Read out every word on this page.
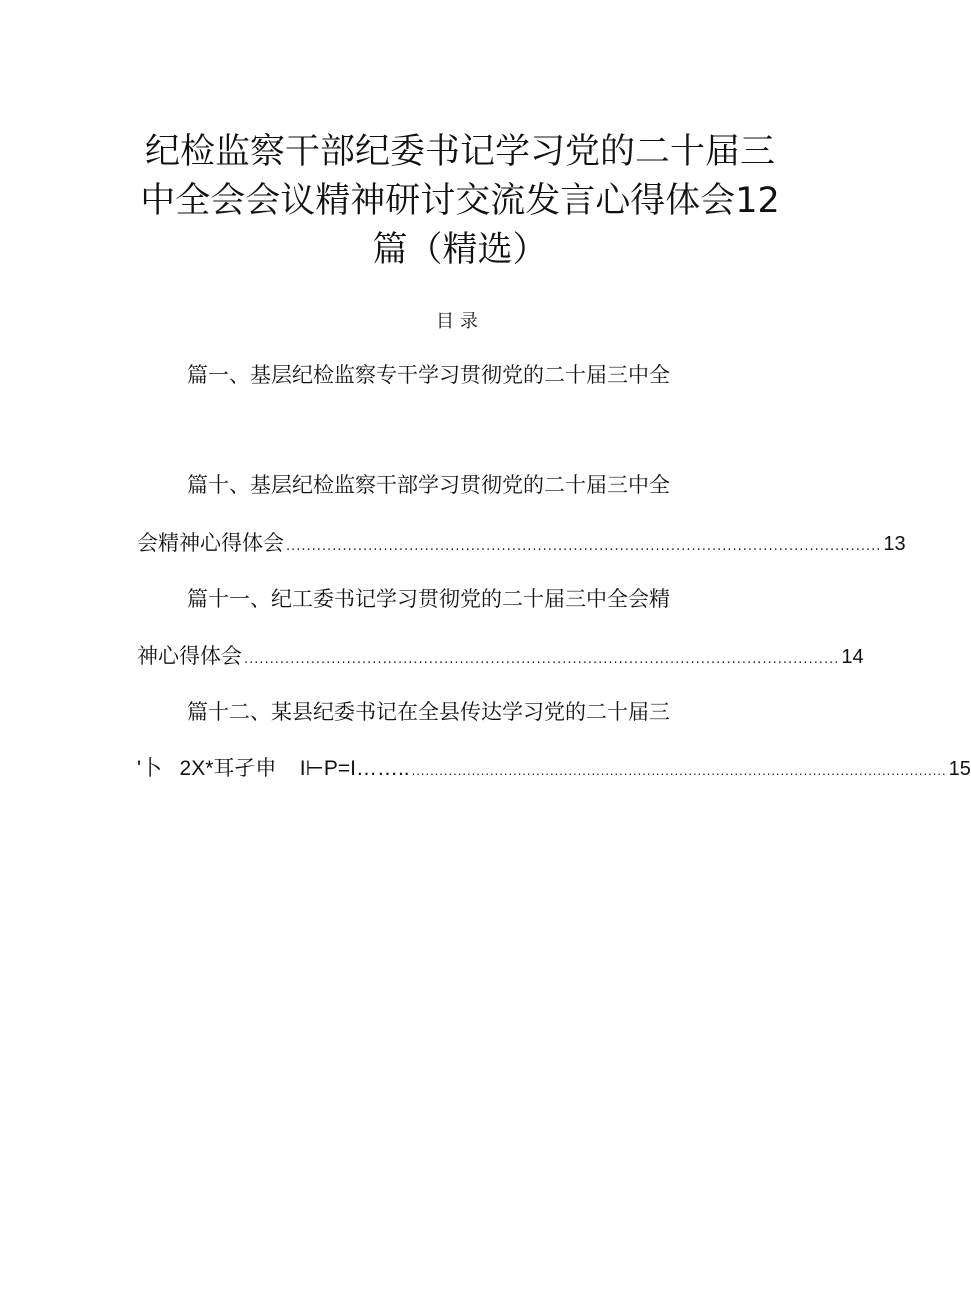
纪检监察干部纪委书记学习党的二十届三
中全会会议精神研讨交流发言心得体会12
篇（精选）
目录
篇一、基层纪检监察专干学习贯彻党的二十届三中全
篇十、基层纪检监察干部学习贯彻党的二十届三中全
会精神心得体会 .................................................................................................................... 13
篇十一、纪工委书记学习贯彻党的二十届三中全会精
神心得体会 .................................................................................................................... 14
篇十二、某县纪委书记在全县传达学习党的二十届三
'卜   2X*耳孑申    I⊢P=I…….. .................................................................................................................... 15
